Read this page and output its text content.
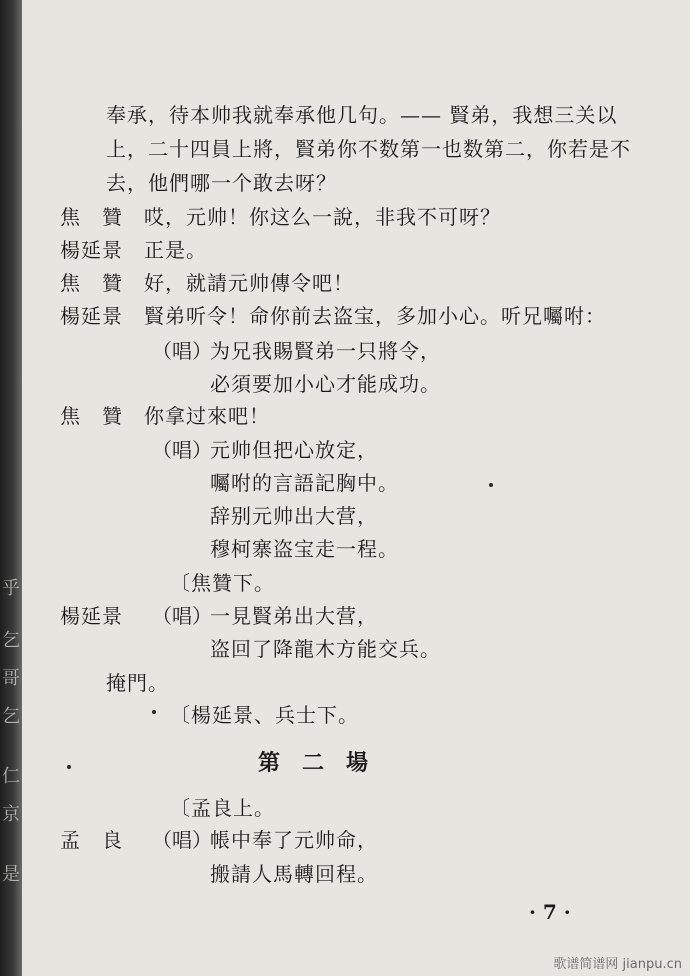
乎
乞
哥
乞
仁
京
是
奉承，待本帅我就奉承他几句。—— 賢弟，我想三关以
上，二十四員上將，賢弟你不数第一也数第二，你若是不
去，他們哪一个敢去呀？
焦　贊 哎，元帅！你这么一說，非我不可呀？
楊延景 正是。
焦　贊 好，就請元帅傳令吧！
楊延景 賢弟听令！命你前去盗宝，多加小心。听兄囑咐：
（唱）
为兄我賜賢弟一只將令，
必須要加小心才能成功。
焦　贊 你拿过來吧！
（唱）
元帅但把心放定，
囑咐的言語記胸中。
辞别元帅出大营，
穆柯寨盗宝走一程。
〔焦贊下。
楊延景 （唱）
一見賢弟出大营，
盗回了降龍木方能交兵。
掩門。
〔楊延景、兵士下。
第二場
〔孟良上。
孟　良 （唱）
帳中奉了元帅命，
搬請人馬轉回程。
· 7 ·
歌谱简谱网 jianpu.cn
